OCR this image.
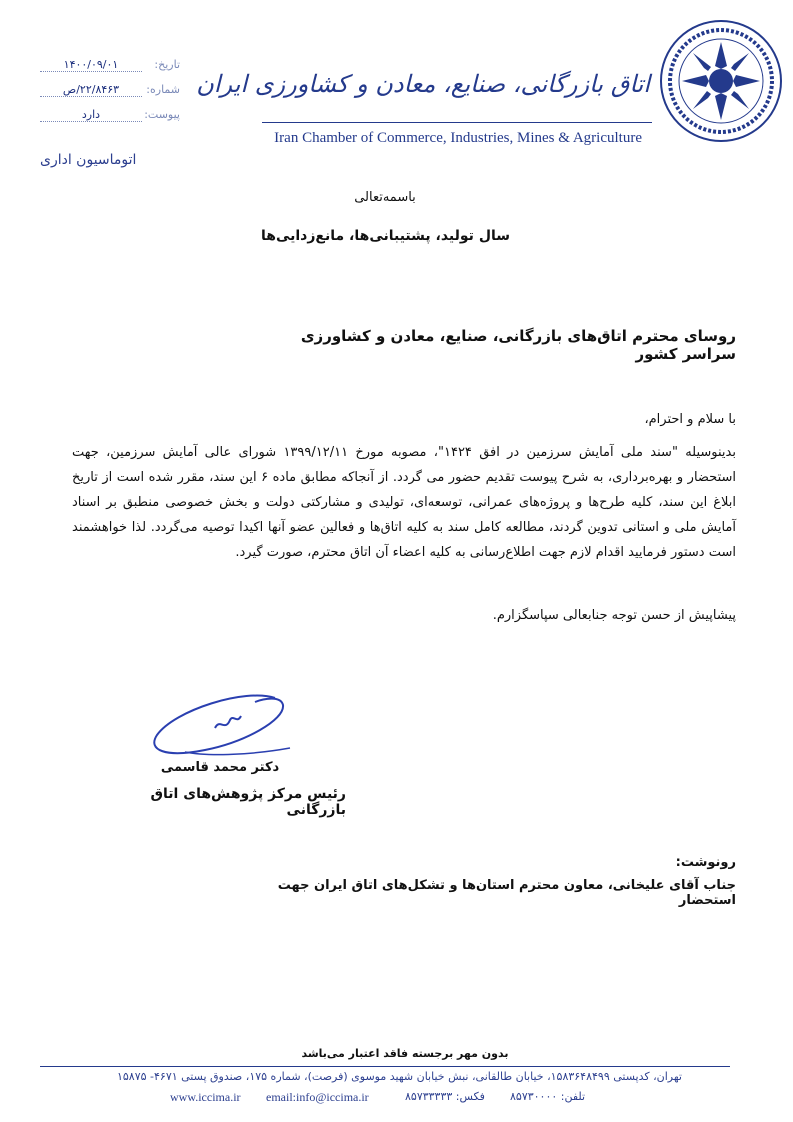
تاریخ:
۱۴۰۰/۰۹/۰۱
شماره:
۲۲/۸۴۶۳/ص
پیوست:
دارد
اتوماسیون اداری
اتاق بازرگانی، صنایع، معادن و کشاورزی ایران
Iran Chamber of Commerce, Industries, Mines & Agriculture
باسمه‌تعالی
سال تولید، پشتیبانی‌ها، مانع‌زدایی‌ها
روسای محترم اتاق‌های بازرگانی، صنایع، معادن و کشاورزی سراسر کشور
با سلام و احترام،
بدینوسیله "سند ملی آمایش سرزمین در افق ۱۴۲۴"، مصوبه مورخ ۱۳۹۹/۱۲/۱۱ شورای عالی آمایش سرزمین، جهت استحضار و بهره‌برداری، به شرح پیوست تقدیم حضور می گردد. از آنجاکه مطابق ماده ۶ این سند، مقرر شده است از تاریخ ابلاغ این سند، کلیه طرح‌ها و پروژه‌های عمرانی، توسعه‌ای، تولیدی و مشارکتی دولت و بخش خصوصی منطبق بر اسناد آمایش ملی و استانی تدوین گردند، مطالعه کامل سند به کلیه اتاق‌ها و فعالین عضو آنها اکیدا توصیه می‌گردد. لذا خواهشمند است دستور فرمایید اقدام لازم جهت اطلاع‌رسانی به کلیه اعضاء آن اتاق محترم، صورت گیرد.
پیشاپیش از حسن توجه جنابعالی سپاسگزارم.
دکتر محمد قاسمی
رئیس مرکز پژوهش‌های اتاق بازرگانی
رونوشت:
جناب آقای علیخانی، معاون محترم استان‌ها و تشکل‌های اتاق ایران جهت استحضار
بدون مهر برجسته فاقد اعتبار می‌باشد
تهران، کدپستی ۱۵۸۳۶۴۸۴۹۹، خیابان طالقانی، نبش خیابان شهید موسوی (فرصت)، شماره ۱۷۵، صندوق پستی ۴۶۷۱- ۱۵۸۷۵
www.iccima.ir email:info@iccima.ir	فکس: ۸۵۷۳۳۳۳۳ تلفن: ۸۵۷۳۰۰۰۰
